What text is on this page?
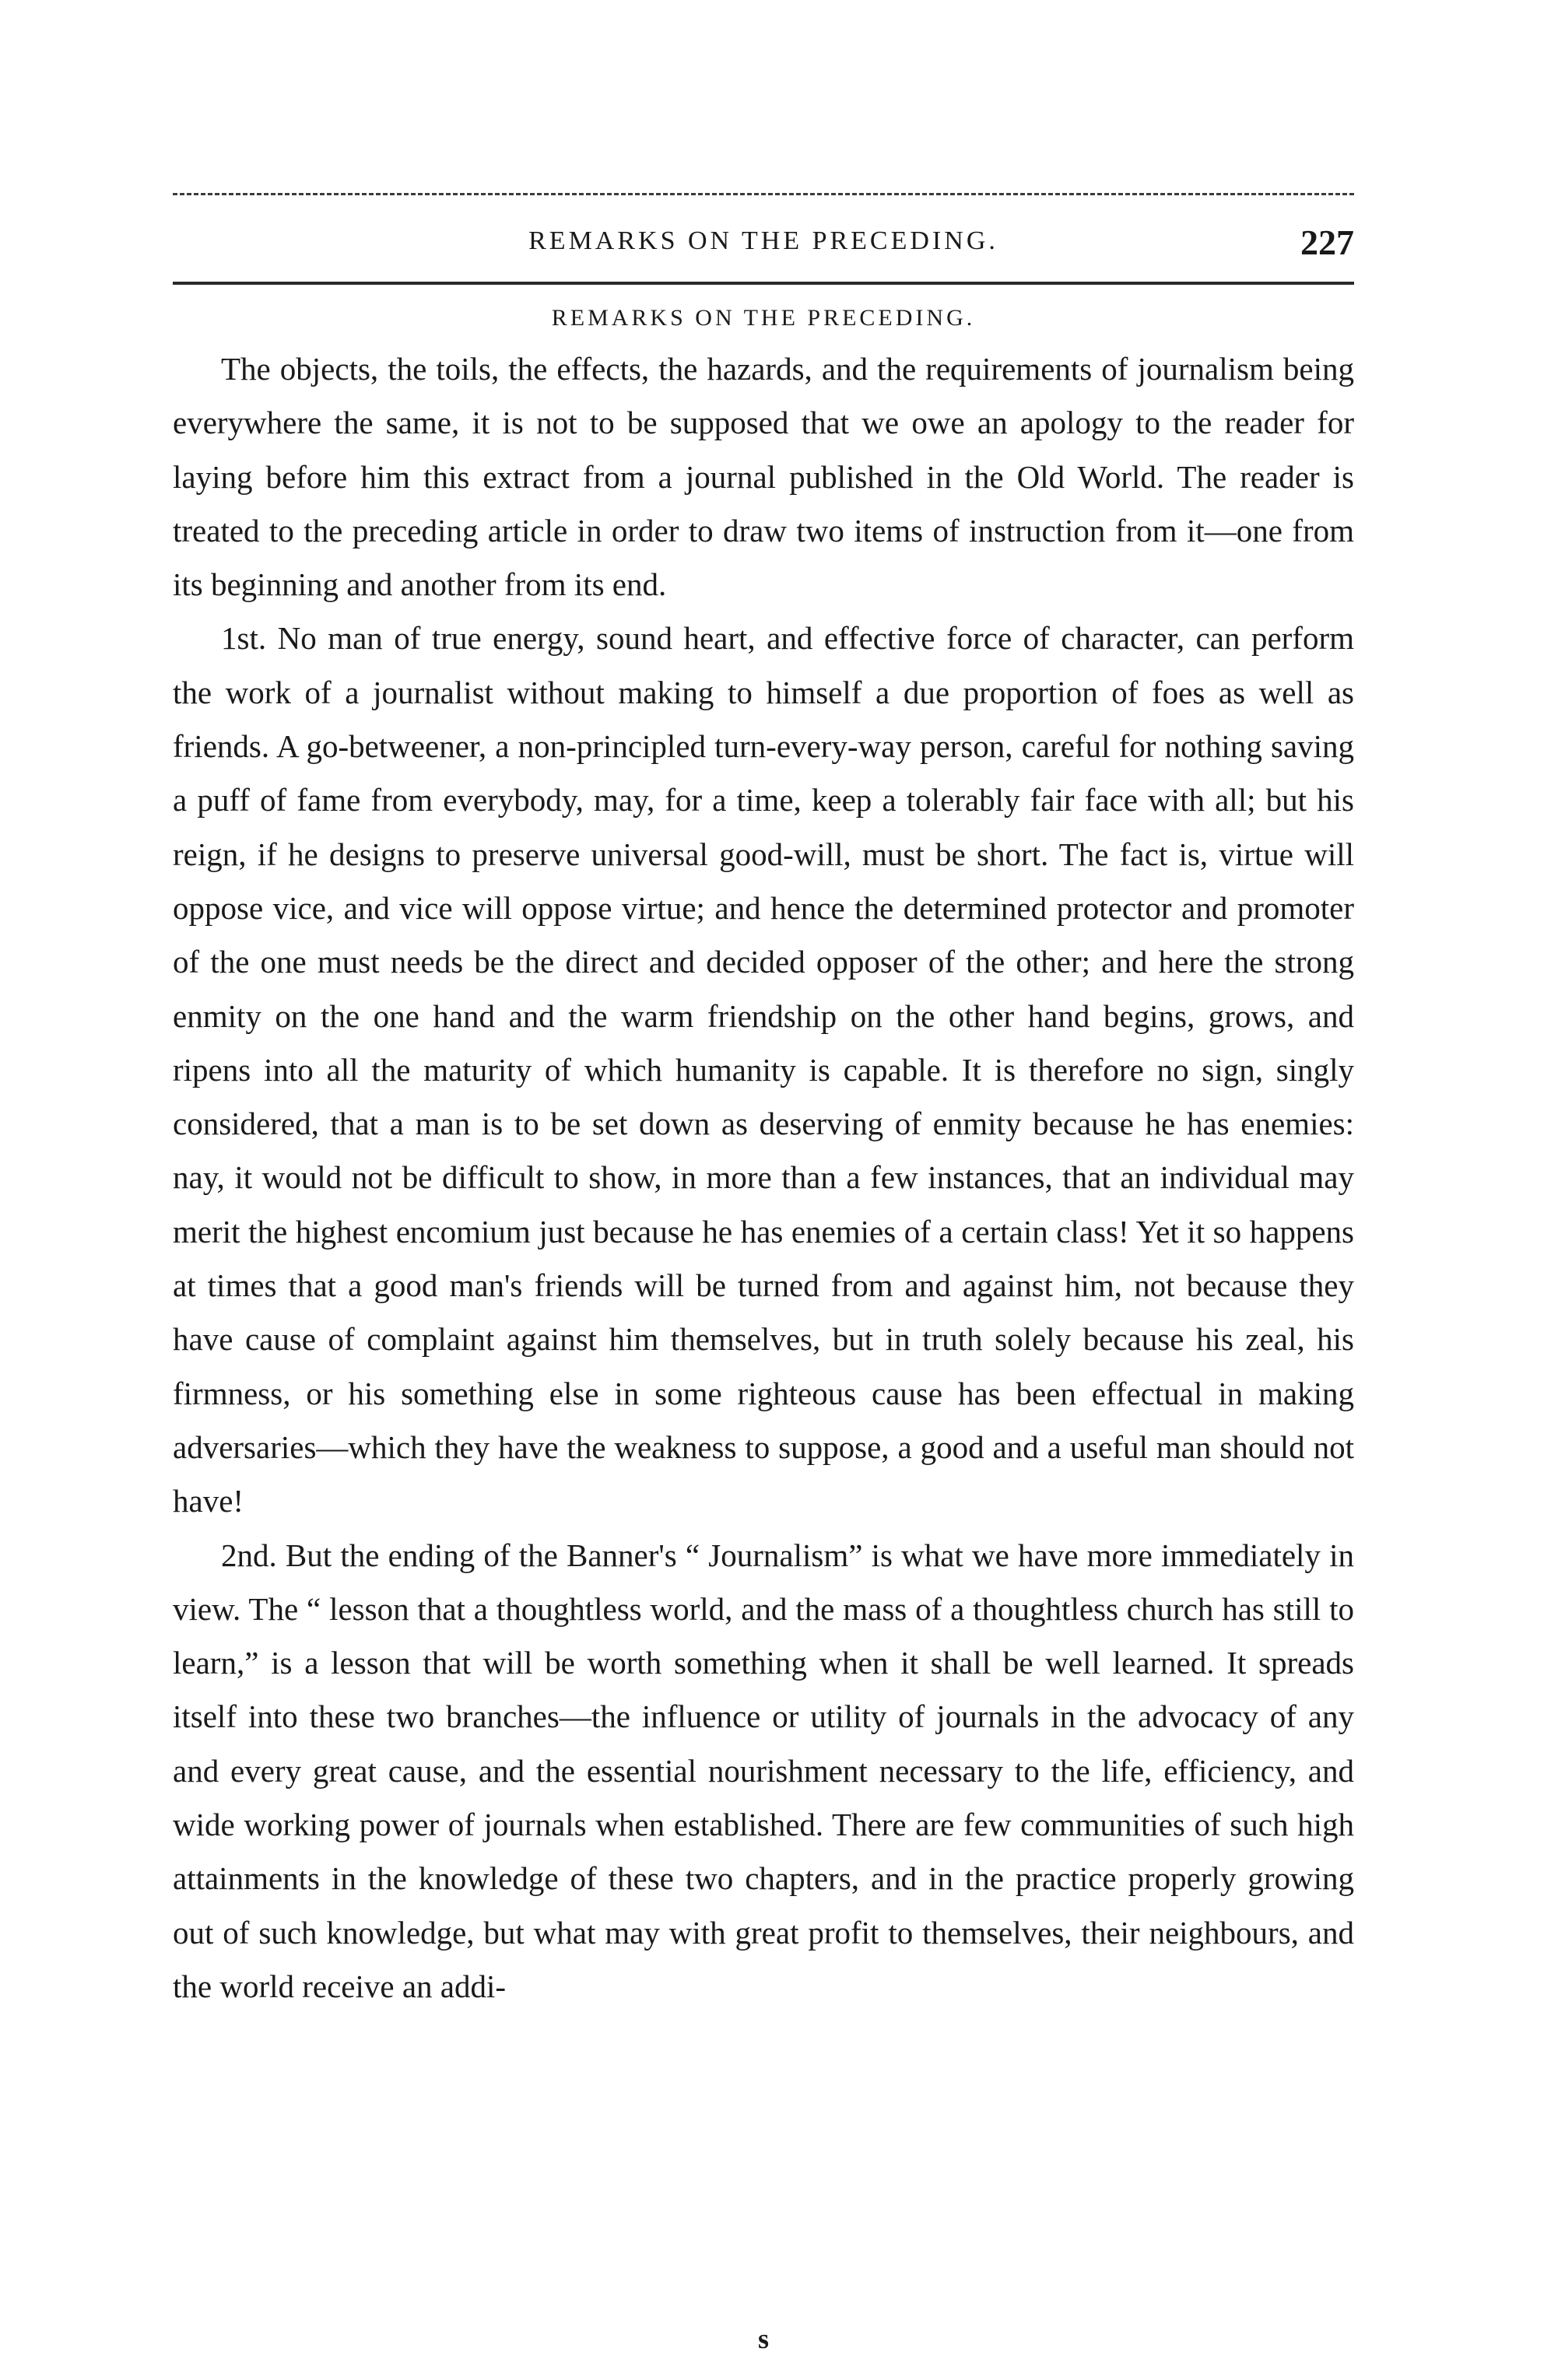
REMARKS ON THE PRECEDING.	227
REMARKS ON THE PRECEDING.

The objects, the toils, the effects, the hazards, and the requirements of journalism being everywhere the same, it is not to be supposed that we owe an apology to the reader for laying before him this extract from a journal published in the Old World. The reader is treated to the preceding article in order to draw two items of instruction from it—one from its beginning and another from its end.

1st. No man of true energy, sound heart, and effective force of character, can perform the work of a journalist without making to himself a due proportion of foes as well as friends. A go-betweener, a non-principled turn-every-way person, careful for nothing saving a puff of fame from everybody, may, for a time, keep a tolerably fair face with all; but his reign, if he designs to preserve universal good-will, must be short. The fact is, virtue will oppose vice, and vice will oppose virtue; and hence the determined protector and promoter of the one must needs be the direct and decided opposer of the other; and here the strong enmity on the one hand and the warm friendship on the other hand begins, grows, and ripens into all the maturity of which humanity is capable. It is therefore no sign, singly considered, that a man is to be set down as deserving of enmity because he has enemies: nay, it would not be difficult to show, in more than a few instances, that an individual may merit the highest encomium just because he has enemies of a certain class! Yet it so happens at times that a good man's friends will be turned from and against him, not because they have cause of complaint against him themselves, but in truth solely because his zeal, his firmness, or his something else in some righteous cause has been effectual in making adversaries—which they have the weakness to suppose, a good and a useful man should not have!

2nd. But the ending of the Banner's “ Journalism” is what we have more immediately in view. The “ lesson that a thoughtless world, and the mass of a thoughtless church has still to learn,” is a lesson that will be worth something when it shall be well learned. It spreads itself into these two branches—the influence or utility of journals in the advocacy of any and every great cause, and the essential nourishment necessary to the life, efficiency, and wide working power of journals when established. There are few communities of such high attainments in the knowledge of these two chapters, and in the practice properly growing out of such knowledge, but what may with great profit to themselves, their neighbours, and the world receive an addi-

s
